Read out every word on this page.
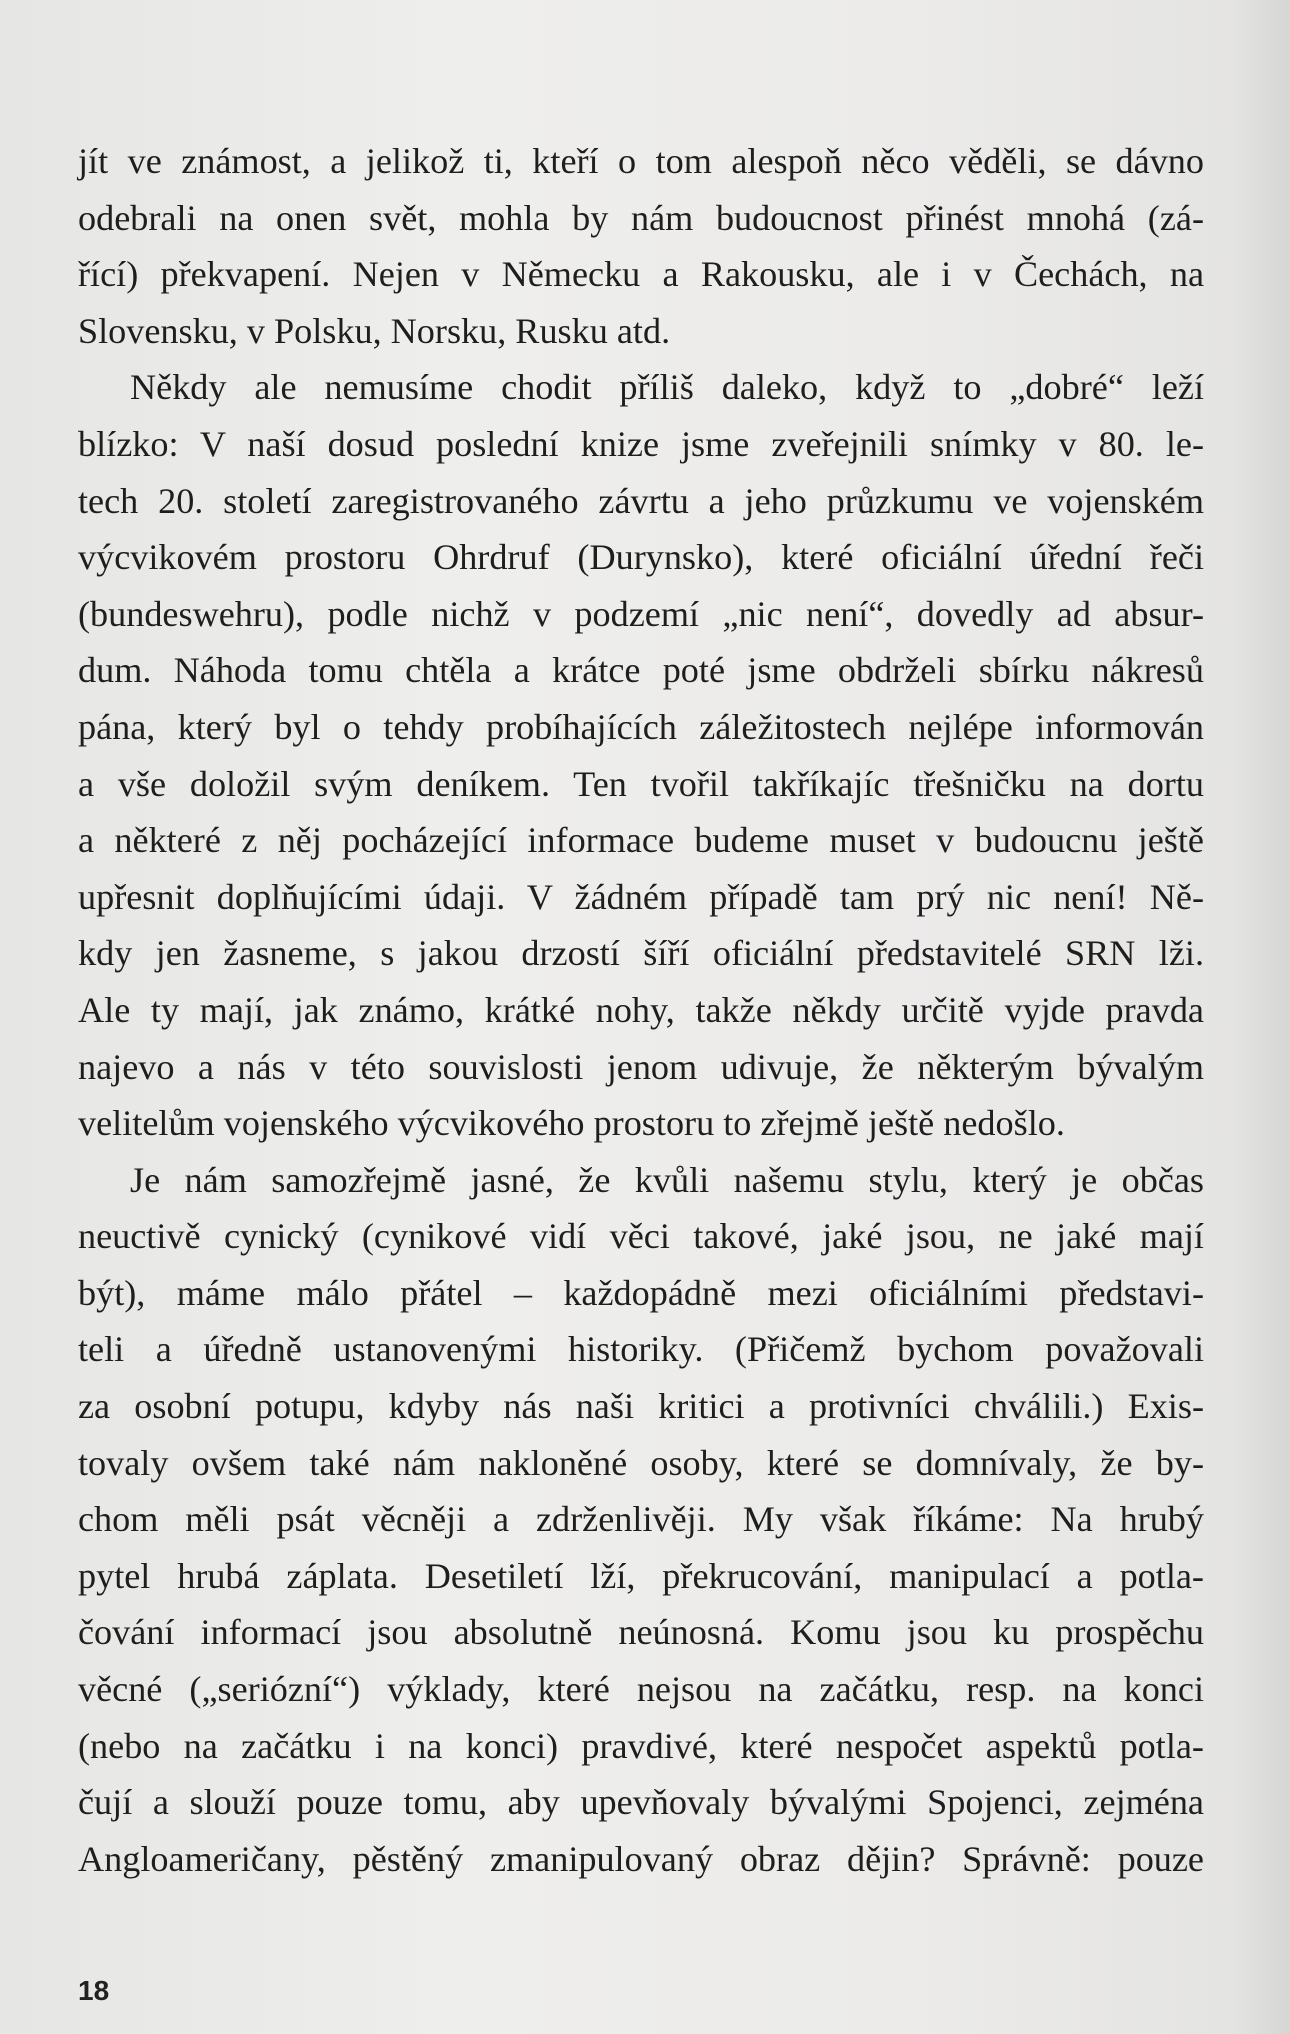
jít ve známost, a jelikož ti, kteří o tom alespoň něco věděli, se dávno
odebrali na onen svět, mohla by nám budoucnost přinést mnohá (zá-
řící) překvapení. Nejen v Německu a Rakousku, ale i v Čechách, na
Slovensku, v Polsku, Norsku, Rusku atd.
Někdy ale nemusíme chodit příliš daleko, když to „dobré“ leží
blízko: V naší dosud poslední knize jsme zveřejnili snímky v 80. le-
tech 20. století zaregistrovaného závrtu a jeho průzkumu ve vojenském
výcvikovém prostoru Ohrdruf (Durynsko), které oficiální úřední řeči
(bundeswehru), podle nichž v podzemí „nic není“, dovedly ad absur-
dum. Náhoda tomu chtěla a krátce poté jsme obdrželi sbírku nákresů
pána, který byl o tehdy probíhajících záležitostech nejlépe informován
a vše doložil svým deníkem. Ten tvořil takříkajíc třešničku na dortu
a některé z něj pocházející informace budeme muset v budoucnu ještě
upřesnit doplňujícími údaji. V žádném případě tam prý nic není! Ně-
kdy jen žasneme, s jakou drzostí šíří oficiální představitelé SRN lži.
Ale ty mají, jak známo, krátké nohy, takže někdy určitě vyjde pravda
najevo a nás v této souvislosti jenom udivuje, že některým bývalým
velitelům vojenského výcvikového prostoru to zřejmě ještě nedošlo.
Je nám samozřejmě jasné, že kvůli našemu stylu, který je občas
neuctivě cynický (cynikové vidí věci takové, jaké jsou, ne jaké mají
být), máme málo přátel – každopádně mezi oficiálními představi-
teli a úředně ustanovenými historiky. (Přičemž bychom považovali
za osobní potupu, kdyby nás naši kritici a protivníci chválili.) Exis-
tovaly ovšem také nám nakloněné osoby, které se domnívaly, že by-
chom měli psát věcněji a zdrženlivěji. My však říkáme: Na hrubý
pytel hrubá záplata. Desetiletí lží, překrucování, manipulací a potla-
čování informací jsou absolutně neúnosná. Komu jsou ku prospěchu
věcné („seriózní“) výklady, které nejsou na začátku, resp. na konci
(nebo na začátku i na konci) pravdivé, které nespočet aspektů potla-
čují a slouží pouze tomu, aby upevňovaly bývalými Spojenci, zejména
Angloameričany, pěstěný zmanipulovaný obraz dějin? Správně: pouze
18
